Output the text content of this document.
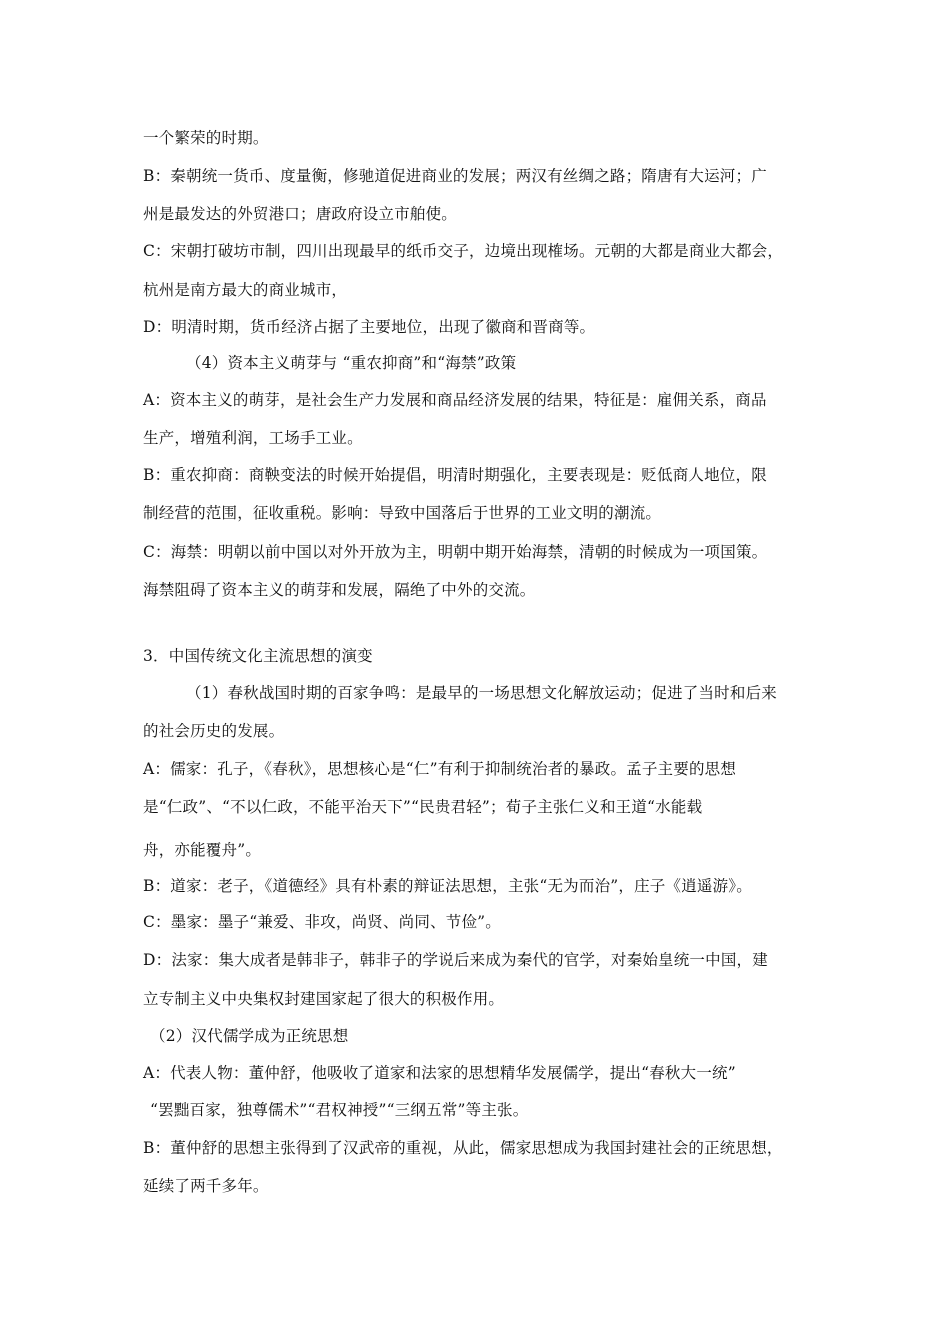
一个繁荣的时期。
B：秦朝统一货币、度量衡，修驰道促进商业的发展；两汉有丝绸之路；隋唐有大运河；广
州是最发达的外贸港口；唐政府设立市舶使。
C：宋朝打破坊市制，四川出现最早的纸币交子，边境出现榷场。元朝的大都是商业大都会，
杭州是南方最大的商业城市，
D：明清时期，货币经济占据了主要地位，出现了徽商和晋商等。
（4）资本主义萌芽与 “重农抑商”和“海禁”政策
A：资本主义的萌芽，是社会生产力发展和商品经济发展的结果，特征是：雇佣关系，商品
生产，增殖利润，工场手工业。
B：重农抑商：商鞅变法的时候开始提倡，明清时期强化，主要表现是：贬低商人地位，限
制经营的范围，征收重税。影响：导致中国落后于世界的工业文明的潮流。
C：海禁：明朝以前中国以对外开放为主，明朝中期开始海禁，清朝的时候成为一项国策。
海禁阻碍了资本主义的萌芽和发展，隔绝了中外的交流。
3．中国传统文化主流思想的演变
（1）春秋战国时期的百家争鸣：是最早的一场思想文化解放运动；促进了当时和后来
的社会历史的发展。
A：儒家：孔子，《春秋》，思想核心是“仁”有利于抑制统治者的暴政。孟子主要的思想
是“仁政”、“不以仁政，不能平治天下”“民贵君轻”；荀子主张仁义和王道“水能载
舟，亦能覆舟”。
B：道家：老子，《道德经》具有朴素的辩证法思想，主张“无为而治”，庄子《逍遥游》。
C：墨家：墨子“兼爱、非攻，尚贤、尚同、节俭”。
D：法家：集大成者是韩非子，韩非子的学说后来成为秦代的官学，对秦始皇统一中国，建
立专制主义中央集权封建国家起了很大的积极作用。
（2）汉代儒学成为正统思想
A：代表人物：董仲舒，他吸收了道家和法家的思想精华发展儒学，提出“春秋大一统”
“罢黜百家，独尊儒术”“君权神授”“三纲五常”等主张。
B：董仲舒的思想主张得到了汉武帝的重视，从此，儒家思想成为我国封建社会的正统思想，
延续了两千多年。
